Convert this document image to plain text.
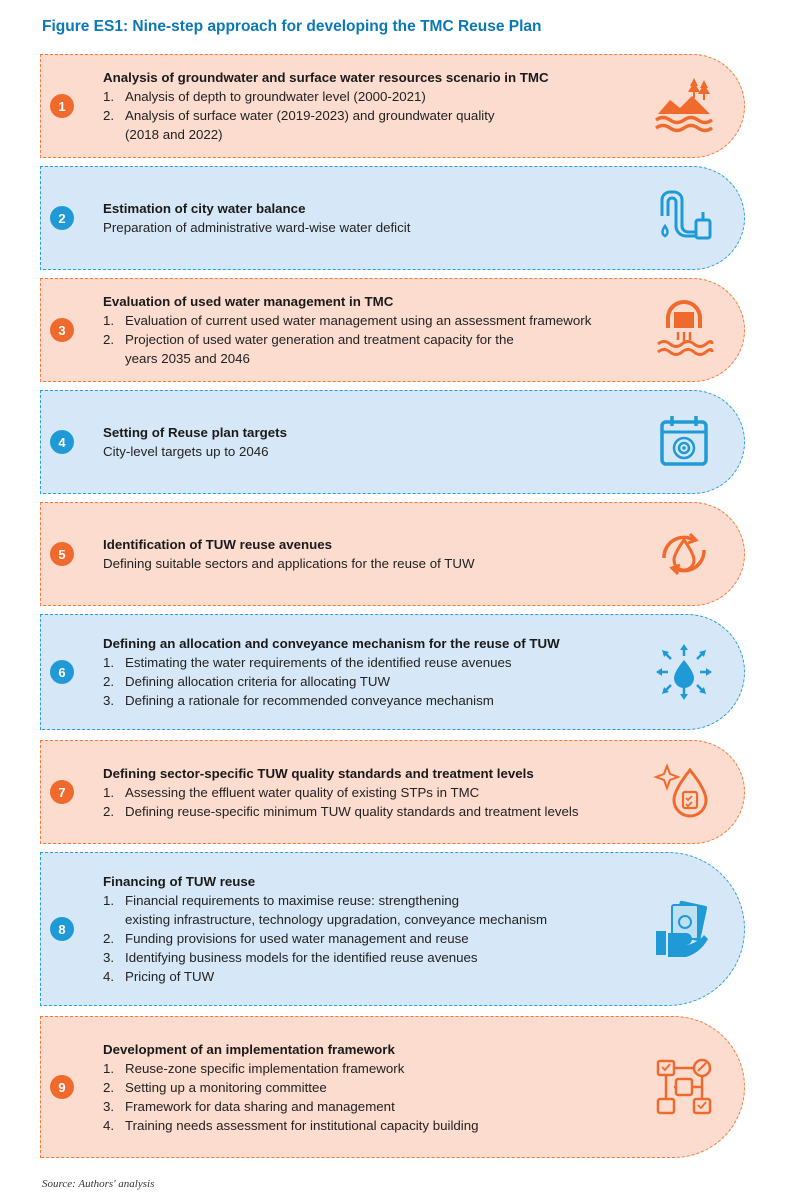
Figure ES1: Nine-step approach for developing the TMC Reuse Plan
1
Analysis of groundwater and surface water resources scenario in TMC
1. Analysis of depth to groundwater level (2000-2021)
2. Analysis of surface water (2019-2023) and groundwater quality
(2018 and 2022)
2
Estimation of city water balance
Preparation of administrative ward-wise water deficit
3
Evaluation of used water management in TMC
1. Evaluation of current used water management using an assessment framework
2. Projection of used water generation and treatment capacity for the
years 2035 and 2046
4
Setting of Reuse plan targets
City-level targets up to 2046
5
Identification of TUW reuse avenues
Defining suitable sectors and applications for the reuse of TUW
6
Defining an allocation and conveyance mechanism for the reuse of TUW
1. Estimating the water requirements of the identified reuse avenues
2. Defining allocation criteria for allocating TUW
3. Defining a rationale for recommended conveyance mechanism
7
Defining sector-specific TUW quality standards and treatment levels
1. Assessing the effluent water quality of existing STPs in TMC
2. Defining reuse-specific minimum TUW quality standards and treatment levels
8
Financing of TUW reuse
1. Financial requirements to maximise reuse: strengthening
existing infrastructure, technology upgradation, conveyance mechanism
2. Funding provisions for used water management and reuse
3. Identifying business models for the identified reuse avenues
4. Pricing of TUW
9
Development of an implementation framework
1. Reuse-zone specific implementation framework
2. Setting up a monitoring committee
3. Framework for data sharing and management
4. Training needs assessment for institutional capacity building
Source: Authors' analysis
